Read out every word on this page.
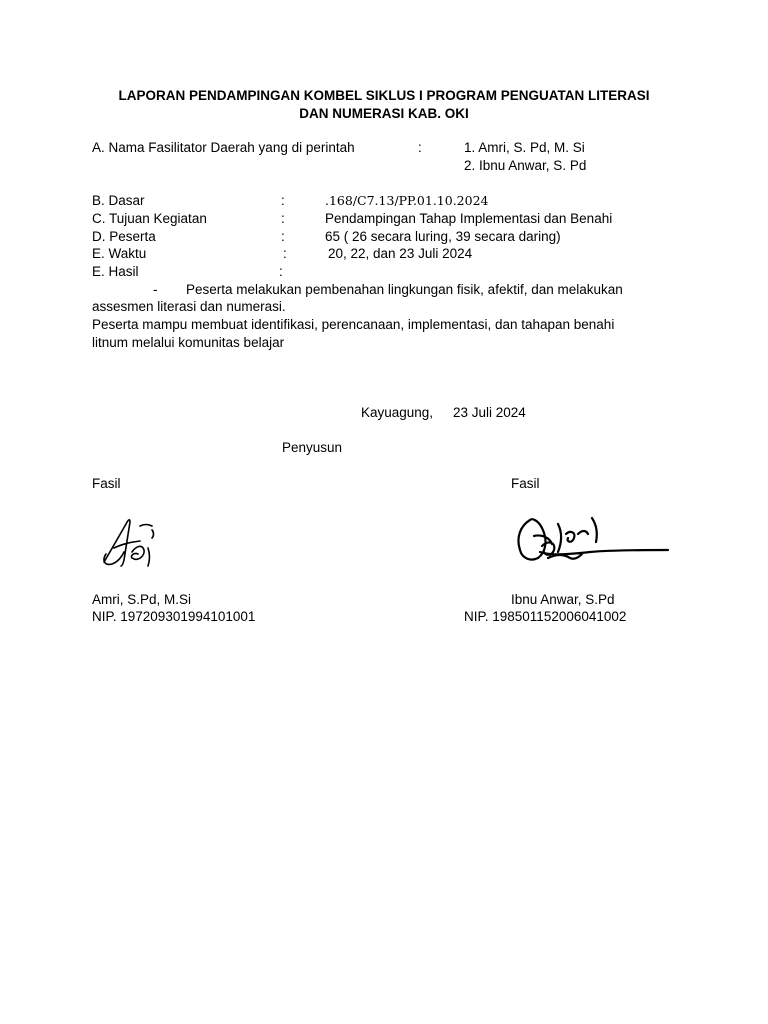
LAPORAN PENDAMPINGAN KOMBEL SIKLUS I PROGRAM PENGUATAN LITERASI
DAN NUMERASI KAB. OKI
A. Nama Fasilitator Daerah yang di perintah	:	1. Amri, S. Pd, M. Si
2. Ibnu Anwar, S. Pd
B. Dasar	:	.168/C7.13/PP.01.10.2024
C. Tujuan Kegiatan	:	Pendampingan Tahap Implementasi dan Benahi
D. Peserta	:	65 ( 26 secara luring, 39 secara daring)
E. Waktu	:	20, 22, dan 23 Juli 2024
E. Hasil	:
- Peserta melakukan pembenahan lingkungan fisik, afektif, dan melakukan
assesmen literasi dan numerasi.
Peserta mampu membuat identifikasi, perencanaan, implementasi, dan tahapan benahi
litnum melalui komunitas belajar
Kayuagung, 23 Juli 2024
Penyusun
Fasil
Amri, S.Pd, M.Si
NIP. 197209301994101001
Fasil
Ibnu Anwar, S.Pd
NIP. 198501152006041002
